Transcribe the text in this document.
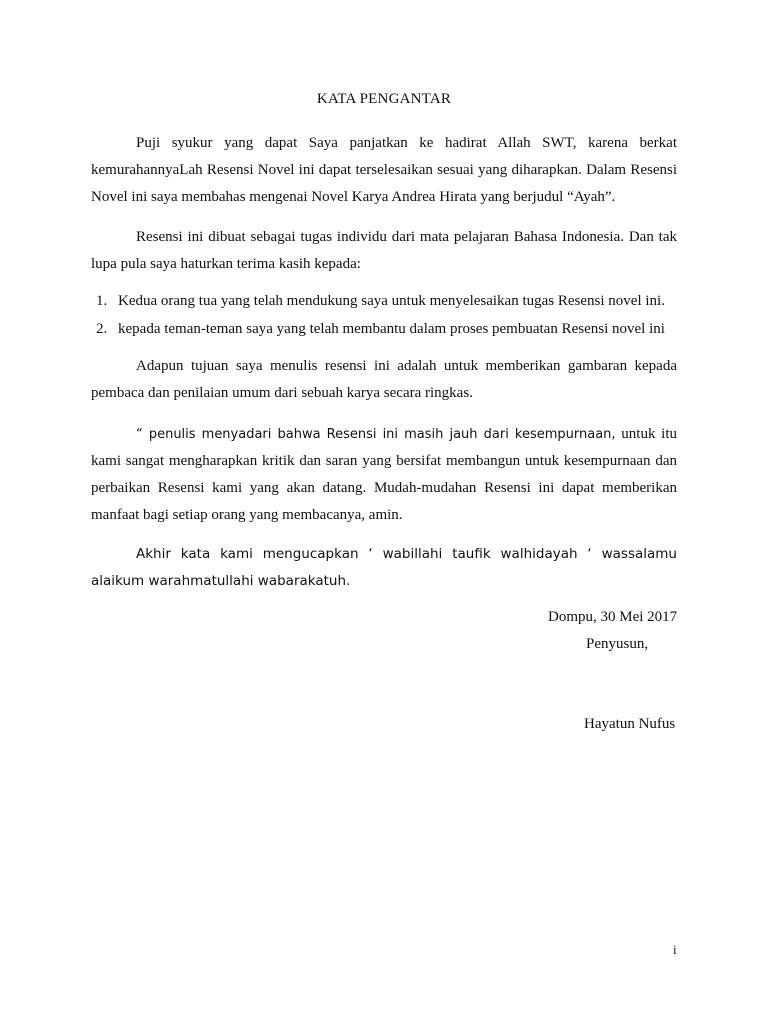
KATA PENGANTAR

Puji syukur yang dapat Saya panjatkan ke hadirat Allah SWT, karena berkat kemurahannyaLah Resensi Novel ini dapat terselesaikan sesuai yang diharapkan. Dalam Resensi Novel ini saya membahas mengenai Novel Karya Andrea Hirata yang berjudul “Ayah”.

Resensi ini dibuat sebagai tugas individu dari mata pelajaran Bahasa Indonesia. Dan tak lupa pula saya haturkan terima kasih kepada:

1. Kedua orang tua yang telah mendukung saya untuk menyelesaikan tugas Resensi novel ini.
2. kepada teman-teman saya yang telah membantu dalam proses pembuatan Resensi novel ini

Adapun tujuan saya menulis resensi ini adalah untuk memberikan gambaran kepada pembaca dan penilaian umum dari sebuah karya secara ringkas.

“ penulis menyadari bahwa Resensi ini masih jauh dari kesempurnaan, untuk itu kami sangat mengharapkan kritik dan saran yang bersifat membangun untuk kesempurnaan dan perbaikan Resensi kami yang akan datang. Mudah-mudahan Resensi ini dapat memberikan manfaat bagi setiap orang yang membacanya, amin.

Akhir kata kami mengucapkan ‘ wabillahi taufik walhidayah ‘ wassalamu alaikum warahmatullahi wabarakatuh.

Dompu, 30 Mei 2017
Penyusun,
Hayatun Nufus
i
